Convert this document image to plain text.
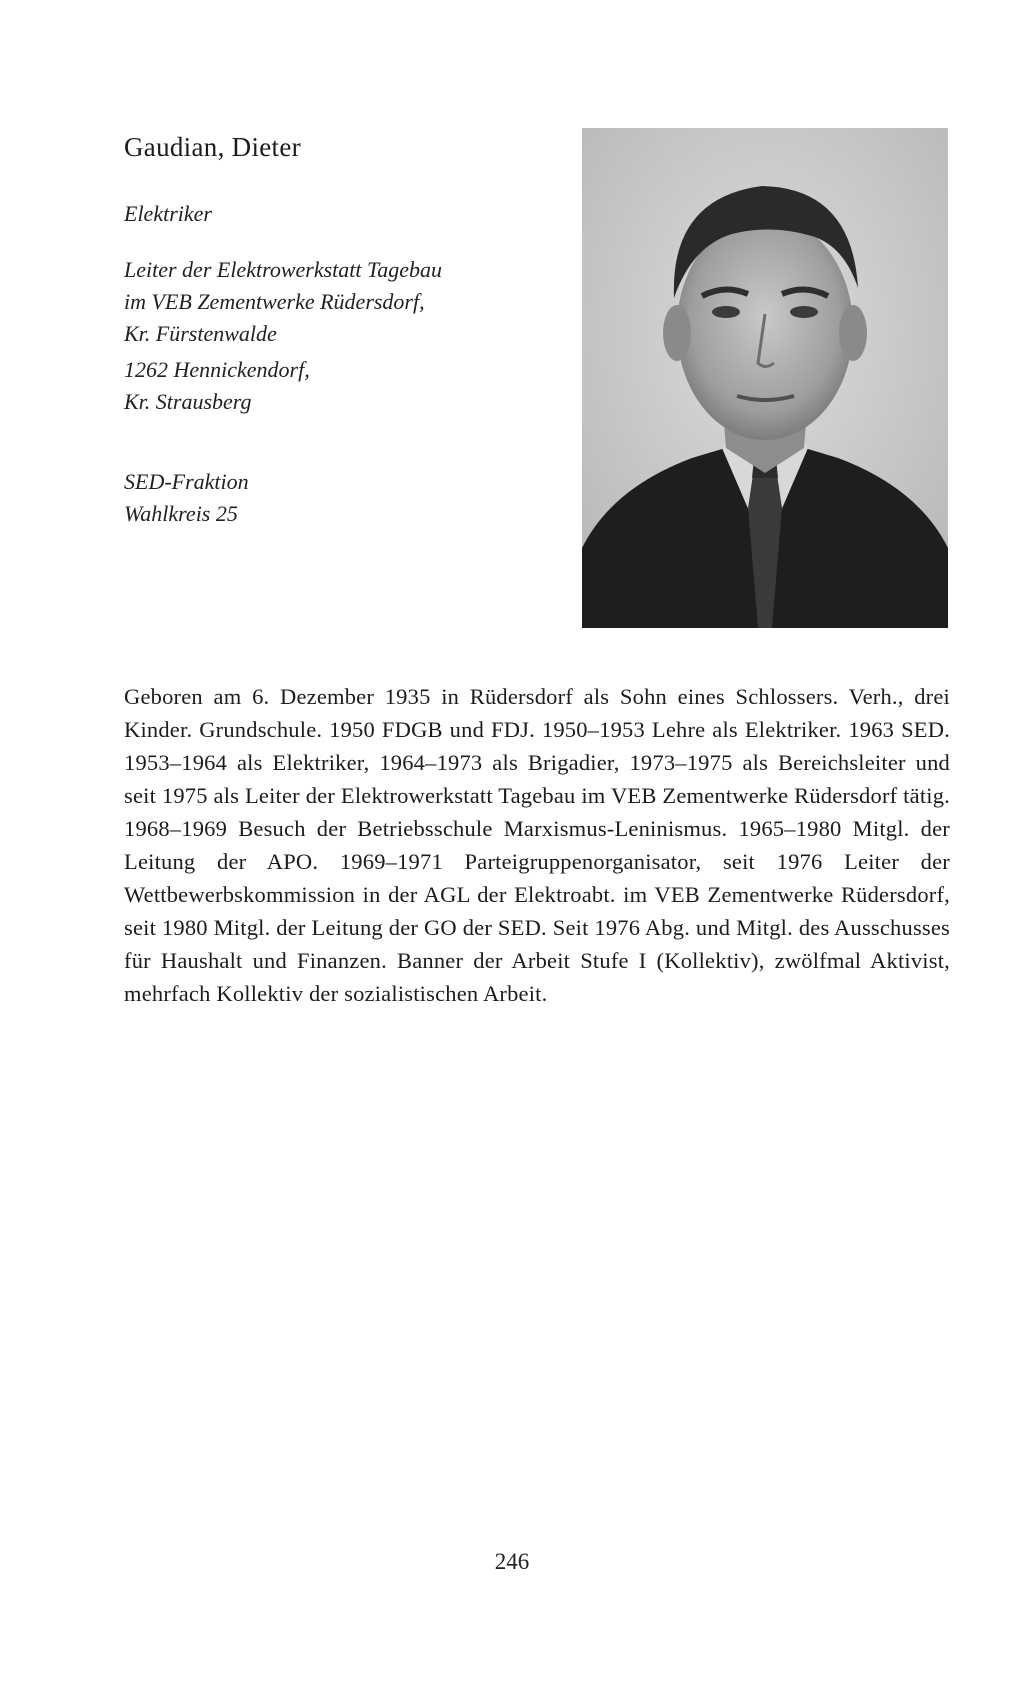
Gaudian, Dieter
Elektriker
Leiter der Elektrowerkstatt Tagebau
im VEB Zementwerke Rüdersdorf,
Kr. Fürstenwalde
1262 Hennickendorf,
Kr. Strausberg
SED-Fraktion
Wahlkreis 25

Geboren am 6. Dezember 1935 in Rüdersdorf als Sohn eines Schlossers. Verh., drei Kinder. Grundschule. 1950 FDGB und FDJ. 1950–1953 Lehre als Elektriker. 1963 SED. 1953–1964 als Elektriker, 1964–1973 als Brigadier, 1973–1975 als Bereichsleiter und seit 1975 als Leiter der Elektrowerkstatt Tagebau im VEB Zementwerke Rüdersdorf tätig. 1968–1969 Besuch der Betriebsschule Marxismus-Leninismus. 1965–1980 Mitgl. der Leitung der APO. 1969–1971 Parteigruppenorganisator, seit 1976 Leiter der Wettbewerbskommission in der AGL der Elektroabt. im VEB Zementwerke Rüdersdorf, seit 1980 Mitgl. der Leitung der GO der SED. Seit 1976 Abg. und Mitgl. des Ausschusses für Haushalt und Finanzen. Banner der Arbeit Stufe I (Kollektiv), zwölfmal Aktivist, mehrfach Kollektiv der sozialistischen Arbeit.

246
